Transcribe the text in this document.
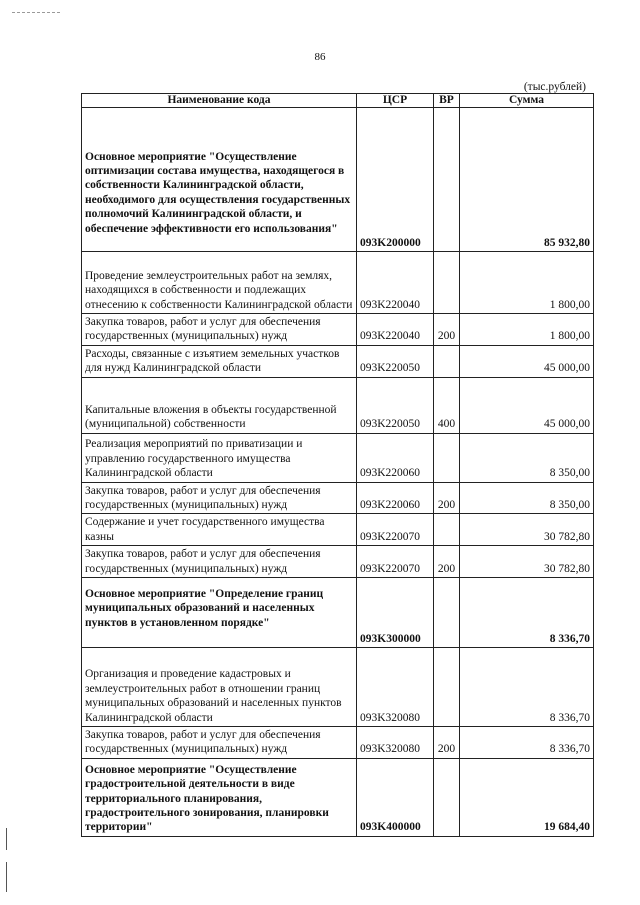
86
(тыс.рублей)
Наименование кода	ЦСР	ВР	Сумма
Основное мероприятие "Осуществление оптимизации состава имущества, находящегося в собственности Калининградской области, необходимого для осуществления государственных полномочий Калининградской области, и обеспечение эффективности его использования"	093K200000		85 932,80
Проведение землеустроительных работ на землях, находящихся в собственности и подлежащих отнесению к собственности Калининградской области	093K220040		1 800,00
Закупка товаров, работ и услуг для обеспечения государственных (муниципальных) нужд	093K220040	200	1 800,00
Расходы, связанные с изъятием земельных участков для нужд Калининградской области	093K220050		45 000,00
Капитальные вложения в объекты государственной (муниципальной) собственности	093K220050	400	45 000,00
Реализация мероприятий по приватизации и управлению государственного имущества Калининградской области	093K220060		8 350,00
Закупка товаров, работ и услуг для обеспечения государственных (муниципальных) нужд	093K220060	200	8 350,00
Содержание и учет государственного имущества казны	093K220070		30 782,80
Закупка товаров, работ и услуг для обеспечения государственных (муниципальных) нужд	093K220070	200	30 782,80
Основное мероприятие "Определение границ муниципальных образований и населенных пунктов в установленном порядке"	093K300000		8 336,70
Организация и проведение кадастровых и землеустроительных работ в отношении границ муниципальных образований и населенных пунктов Калининградской области	093K320080		8 336,70
Закупка товаров, работ и услуг для обеспечения государственных (муниципальных) нужд	093K320080	200	8 336,70
Основное мероприятие "Осуществление градостроительной деятельности в виде территориального планирования, градостроительного зонирования, планировки территории"	093K400000		19 684,40
